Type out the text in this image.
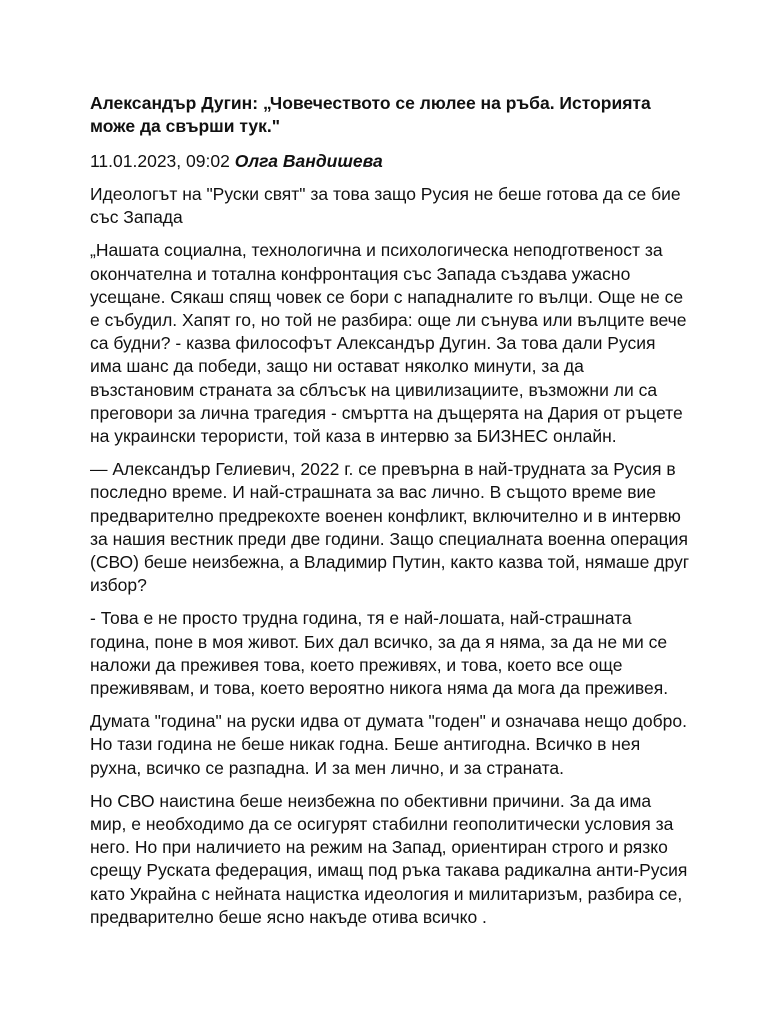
Александър Дугин: „Човечеството се люлее на ръба. Историята може да свърши тук."
11.01.2023, 09:02 Олга Вандишева
Идеологът на "Руски свят" за това защо Русия не беше готова да се бие със Запада
„Нашата социална, технологична и психологическа неподготвеност за окончателна и тотална конфронтация със Запада създава ужасно усещане. Сякаш спящ човек се бори с нападналите го вълци. Още не се е събудил. Хапят го, но той не разбира: още ли сънува или вълците вече са будни? - казва философът Александър Дугин. За това дали Русия има шанс да победи, защо ни остават няколко минути, за да възстановим страната за сблъсък на цивилизациите, възможни ли са преговори за лична трагедия - смъртта на дъщерята на Дария от ръцете на украински терористи, той каза в интервю за БИЗНЕС онлайн.
— Александър Гелиевич, 2022 г. се превърна в най-трудната за Русия в последно време. И най-страшната за вас лично. В същото време вие предварително предрекохте военен конфликт, включително и в интервю за нашия вестник преди две години. Защо специалната военна операция (СВО) беше неизбежна, а Владимир Путин, както казва той, нямаше друг избор?
- Това е не просто трудна година, тя е най-лошата, най-страшната година, поне в моя живот. Бих дал всичко, за да я няма, за да не ми се наложи да преживея това, което преживях, и това, което все още преживявам, и това, което вероятно никога няма да мога да преживея.
Думата "година" на руски идва от думата "годен" и означава нещо добро. Но тази година не беше никак годна. Беше антигодна. Всичко в нея рухна, всичко се разпадна. И за мен лично, и за страната.
Но СВО наистина беше неизбежна по обективни причини. За да има мир, е необходимо да се осигурят стабилни геополитически условия за него. Но при наличието на режим на Запад, ориентиран строго и рязко срещу Руската федерация, имащ под ръка такава радикална анти-Русия като Украйна с нейната нацистка идеология и милитаризъм, разбира се, предварително беше ясно накъде отива всичко .
